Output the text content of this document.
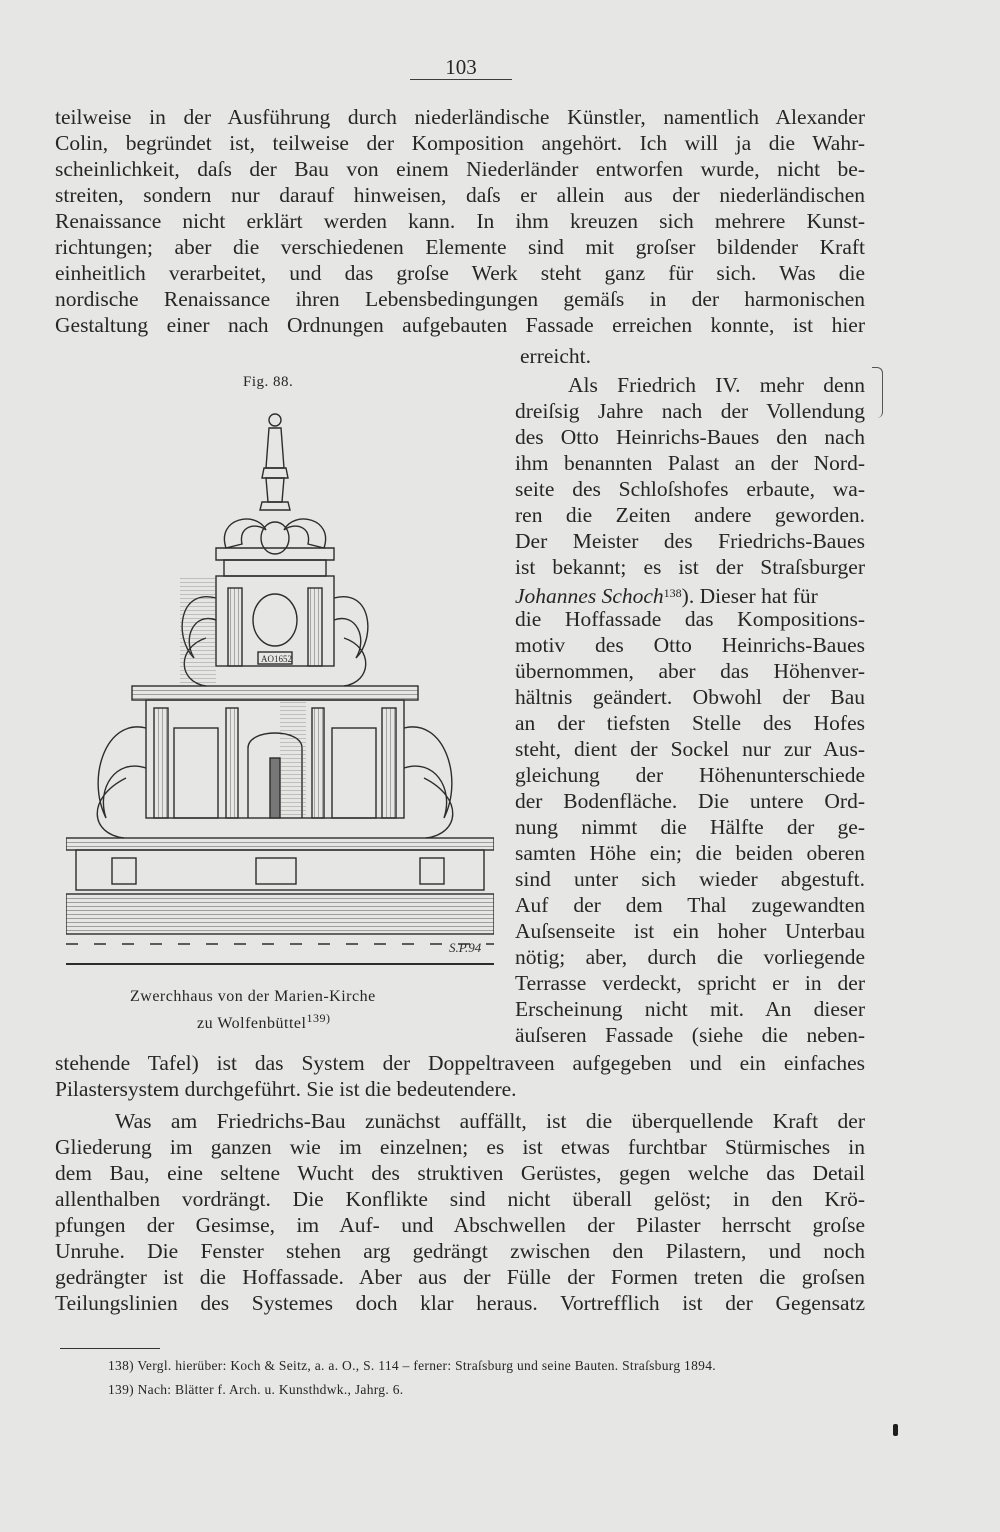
103
teilweise in der Ausführung durch niederländische Künstler, namentlich Alexander
Colin, begründet ist, teilweise der Komposition angehört. Ich will ja die Wahr-
scheinlichkeit, daſs der Bau von einem Niederländer entworfen wurde, nicht be-
streiten, sondern nur darauf hinweisen, daſs er allein aus der niederländischen
Renaissance nicht erklärt werden kann. In ihm kreuzen sich mehrere Kunst-
richtungen; aber die verschiedenen Elemente sind mit groſser bildender Kraft
einheitlich verarbeitet, und das groſse Werk steht ganz für sich. Was die
nordische Renaissance ihren Lebensbedingungen gemäſs in der harmonischen
Gestaltung einer nach Ordnungen aufgebauten Fassade erreichen konnte, ist hier
erreicht.
Fig. 88.
AO1652
S.P.94
Zwerchhaus von der Marien-Kirche
zu Wolfenbüttel$^{139)}$
Als Friedrich IV. mehr denn
dreiſsig Jahre nach der Vollendung
des Otto Heinrichs-Baues den nach
ihm benannten Palast an der Nord-
seite des Schloſshofes erbaute, wa-
ren die Zeiten andere geworden.
Der Meister des Friedrichs-Baues
ist bekannt; es ist der Straſsburger
Johannes Schoch$^{138}$). Dieser hat für
die Hoffassade das Kompositions-
motiv des Otto Heinrichs-Baues
übernommen, aber das Höhenver-
hältnis geändert. Obwohl der Bau
an der tiefsten Stelle des Hofes
steht, dient der Sockel nur zur Aus-
gleichung der Höhenunterschiede
der Bodenfläche. Die untere Ord-
nung nimmt die Hälfte der ge-
samten Höhe ein; die beiden oberen
sind unter sich wieder abgestuft.
Auf der dem Thal zugewandten
Auſsenseite ist ein hoher Unterbau
nötig; aber, durch die vorliegende
Terrasse verdeckt, spricht er in der
Erscheinung nicht mit. An dieser
äuſseren Fassade (siehe die neben-
stehende Tafel) ist das System der Doppeltraveen aufgegeben und ein einfaches
Pilastersystem durchgeführt. Sie ist die bedeutendere.
Was am Friedrichs-Bau zunächst auffällt, ist die überquellende Kraft der
Gliederung im ganzen wie im einzelnen; es ist etwas furchtbar Stürmisches in
dem Bau, eine seltene Wucht des struktiven Gerüstes, gegen welche das Detail
allenthalben vordrängt. Die Konflikte sind nicht überall gelöst; in den Krö-
pfungen der Gesimse, im Auf- und Abschwellen der Pilaster herrscht groſse
Unruhe. Die Fenster stehen arg gedrängt zwischen den Pilastern, und noch
gedrängter ist die Hoffassade. Aber aus der Fülle der Formen treten die groſsen
Teilungslinien des Systemes doch klar heraus. Vortrefflich ist der Gegensatz
138) Vergl. hierüber: Koch & Seitz, a. a. O., S. 114 – ferner: Straſsburg und seine Bauten. Straſsburg 1894.
139) Nach: Blätter f. Arch. u. Kunsthdwk., Jahrg. 6.
